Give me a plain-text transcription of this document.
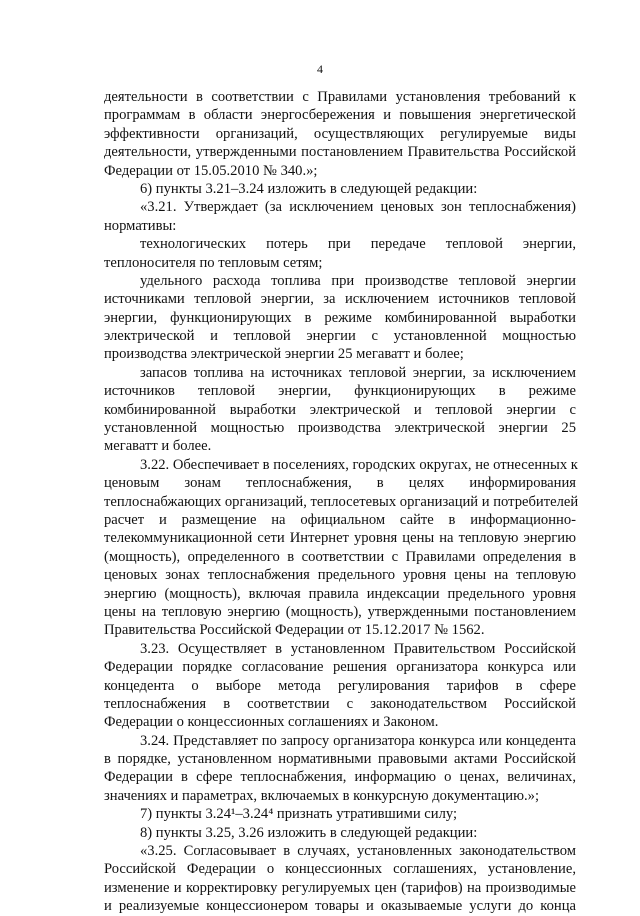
4
деятельности в соответствии с Правилами установления требований к
программам в области энергосбережения и повышения энергетической
эффективности организаций, осуществляющих регулируемые виды
деятельности, утвержденными постановлением Правительства Российской
Федерации от 15.05.2010 № 340.»;
6) пункты 3.21–3.24 изложить в следующей редакции:
«3.21. Утверждает (за исключением ценовых зон теплоснабжения)
нормативы:
технологических потерь при передаче тепловой энергии,
теплоносителя по тепловым сетям;
удельного расхода топлива при производстве тепловой энергии
источниками тепловой энергии, за исключением источников тепловой
энергии, функционирующих в режиме комбинированной выработки
электрической и тепловой энергии с установленной мощностью
производства электрической энергии 25 мегаватт и более;
запасов топлива на источниках тепловой энергии, за исключением
источников тепловой энергии, функционирующих в режиме
комбинированной выработки электрической и тепловой энергии с
установленной мощностью производства электрической энергии 25
мегаватт и более.
3.22. Обеспечивает в поселениях, городских округах, не отнесенных к
ценовым зонам теплоснабжения, в целях информирования
теплоснабжающих организаций, теплосетевых организаций и потребителей
расчет и размещение на официальном сайте в информационно-
телекоммуникационной сети Интернет уровня цены на тепловую энергию
(мощность), определенного в соответствии с Правилами определения в
ценовых зонах теплоснабжения предельного уровня цены на тепловую
энергию (мощность), включая правила индексации предельного уровня
цены на тепловую энергию (мощность), утвержденными постановлением
Правительства Российской Федерации от 15.12.2017 № 1562.
3.23. Осуществляет в установленном Правительством Российской
Федерации порядке согласование решения организатора конкурса или
концедента о выборе метода регулирования тарифов в сфере
теплоснабжения в соответствии с законодательством Российской
Федерации о концессионных соглашениях и Законом.
3.24. Представляет по запросу организатора конкурса или концедента
в порядке, установленном нормативными правовыми актами Российской
Федерации в сфере теплоснабжения, информацию о ценах, величинах,
значениях и параметрах, включаемых в конкурсную документацию.»;
7) пункты 3.24¹–3.24⁴ признать утратившими силу;
8) пункты 3.25, 3.26 изложить в следующей редакции:
«3.25. Согласовывает в случаях, установленных законодательством
Российской Федерации о концессионных соглашениях, установление,
изменение и корректировку регулируемых цен (тарифов) на производимые
и реализуемые концессионером товары и оказываемые услуги до конца
